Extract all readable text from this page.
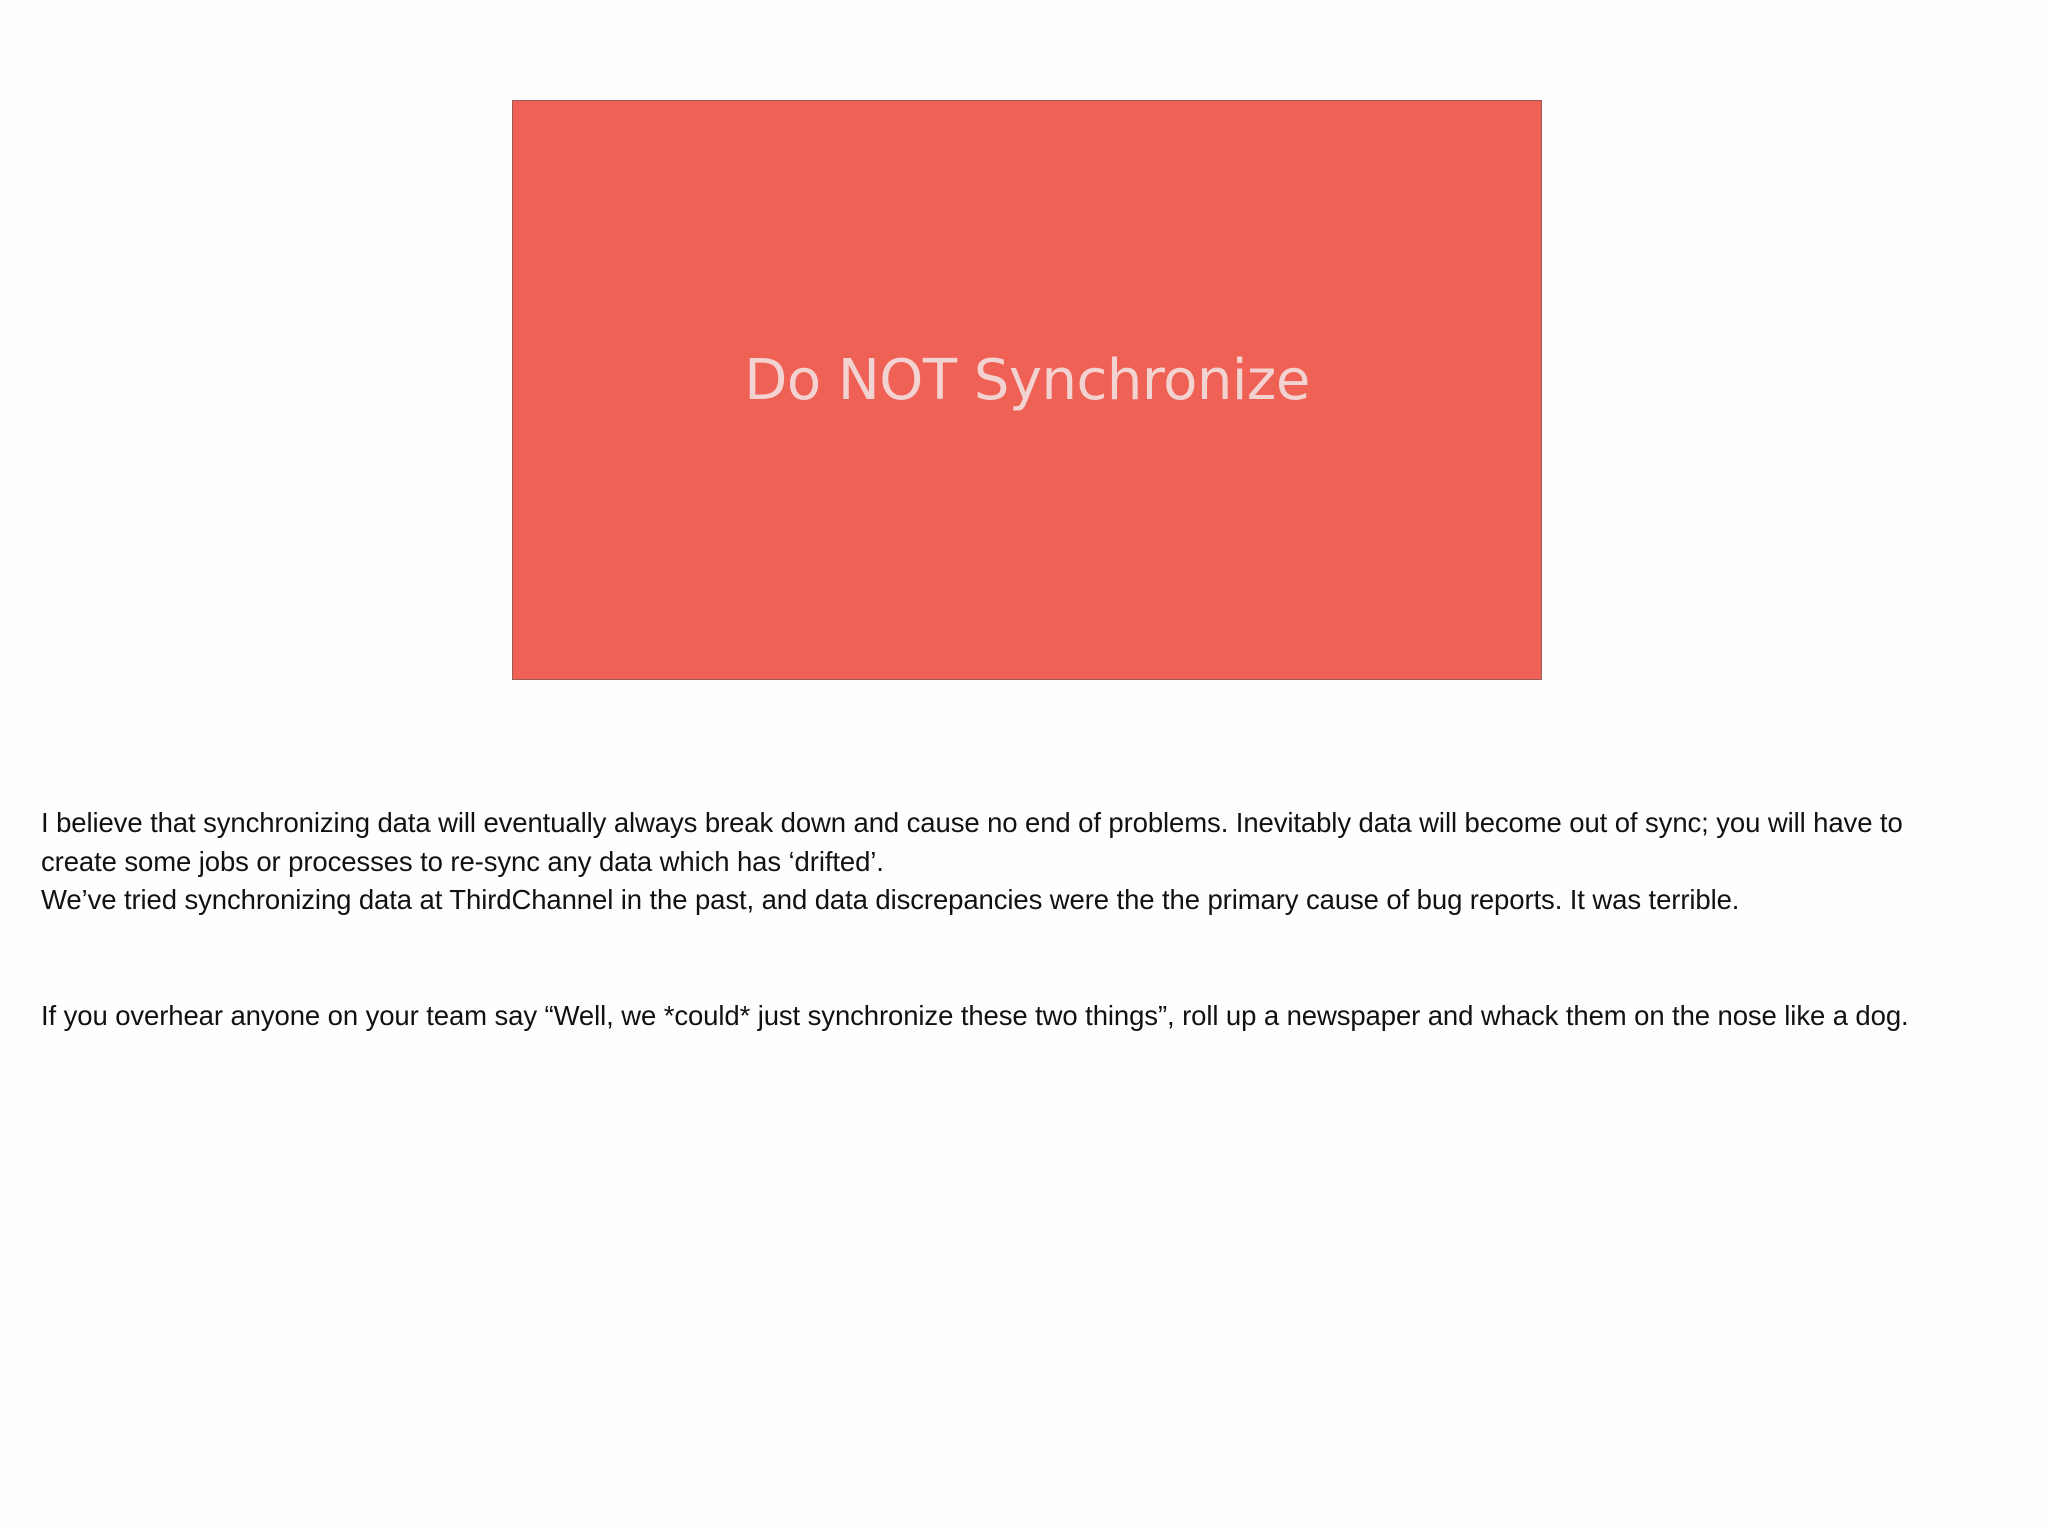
Do NOT Synchronize

I believe that synchronizing data will eventually always break down and cause no end of problems. Inevitably data will become out of sync; you will have to

create some jobs or processes to re-sync any data which has ‘drifted’.

We’ve tried synchronizing data at ThirdChannel in the past, and data discrepancies were the the primary cause of bug reports. It was terrible.

If you overhear anyone on your team say “Well, we *could* just synchronize these two things”, roll up a newspaper and whack them on the nose like a dog.
